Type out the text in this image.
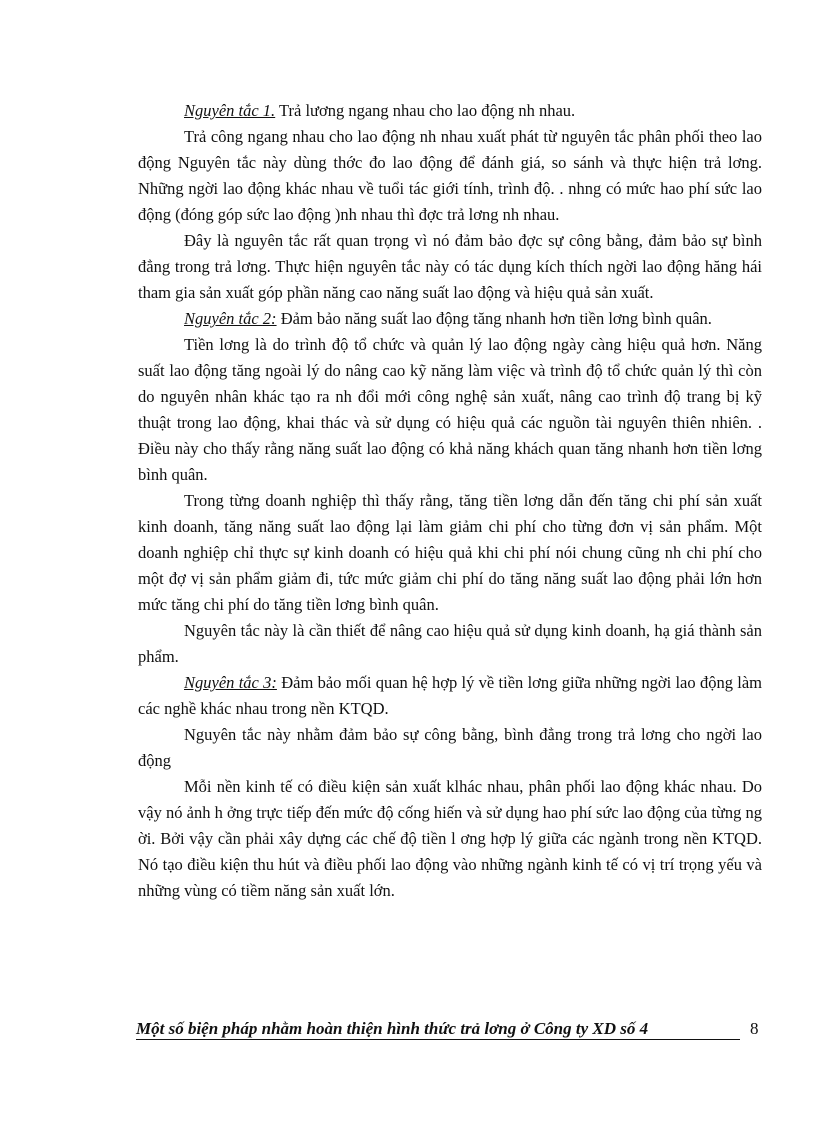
Nguyên tắc 1. Trả lương ngang nhau cho lao động nh nhau.

Trả công ngang nhau cho lao động nh nhau xuất phát từ nguyên tắc phân phối theo lao động Nguyên tắc này dùng thớc đo lao động để đánh giá, so sánh và thực hiện trả lơng. Những ngời lao động khác nhau về tuổi tác giới tính, trình độ. . nhng có mức hao phí sức lao động (đóng góp sức lao động )nh nhau thì đợc trả lơng nh nhau.

Đây là nguyên tắc rất quan trọng vì nó đảm bảo đợc sự công bằng, đảm bảo sự bình đẳng trong trả lơng. Thực hiện nguyên tắc này có tác dụng kích thích ngời lao động hăng hái tham gia sản xuất góp phần năng cao năng suất lao động và hiệu quả sản xuất.

Nguyên tắc 2: Đảm bảo năng suất lao động tăng nhanh hơn tiền lơng bình quân.

Tiền lơng là do trình độ tổ chức và quản lý lao động ngày càng hiệu quả hơn. Năng suất lao động tăng ngoài lý do nâng cao kỹ năng làm việc và trình độ tổ chức quản lý thì còn do nguyên nhân khác tạo ra nh đổi mới công nghệ sản xuất, nâng cao trình độ trang bị kỹ thuật trong lao động, khai thác và sử dụng có hiệu quả các nguồn tài nguyên thiên nhiên. . Điều này cho thấy rằng năng suất lao động có khả năng khách quan tăng nhanh hơn tiền lơng bình quân.

Trong từng doanh nghiệp thì thấy rằng, tăng tiền lơng dẫn đến tăng chi phí sản xuất kinh doanh, tăng năng suất lao động lại làm giảm chi phí cho từng đơn vị sản phẩm. Một doanh nghiệp chỉ thực sự kinh doanh có hiệu quả khi chi phí nói chung cũng nh chi phí cho một đợ vị sản phẩm giảm đi, tức mức giảm chi phí do tăng năng suất lao động phải lớn hơn mức tăng chi phí do tăng tiền lơng bình quân.

Nguyên tắc này là cần thiết để nâng cao hiệu quả sử dụng kinh doanh, hạ giá thành sản phẩm.

Nguyên tắc 3: Đảm bảo mối quan hệ hợp lý về tiền lơng giữa những ngời lao động làm các nghề khác nhau trong nền KTQD.

Nguyên tắc này nhằm đảm bảo sự công bằng, bình đẳng trong trả lơng cho ngời lao động

Mỗi nền kinh tế có điều kiện sản xuất klhác nhau, phân phối lao động khác nhau. Do vậy nó ảnh h ởng trực tiếp đến mức độ cống hiến và sử dụng hao phí sức lao động của từng ng ời. Bởi vậy cần phải xây dựng các chế độ tiền l ơng hợp lý giữa các ngành trong nền KTQD. Nó tạo điều kiện thu hút và điều phối lao động vào những ngành kinh tế có vị trí trọng yếu và những vùng có tiềm năng sản xuất lớn.

Một số biện pháp nhằm hoàn thiện hình thức trả lơng ở Công ty XD số 4	8
